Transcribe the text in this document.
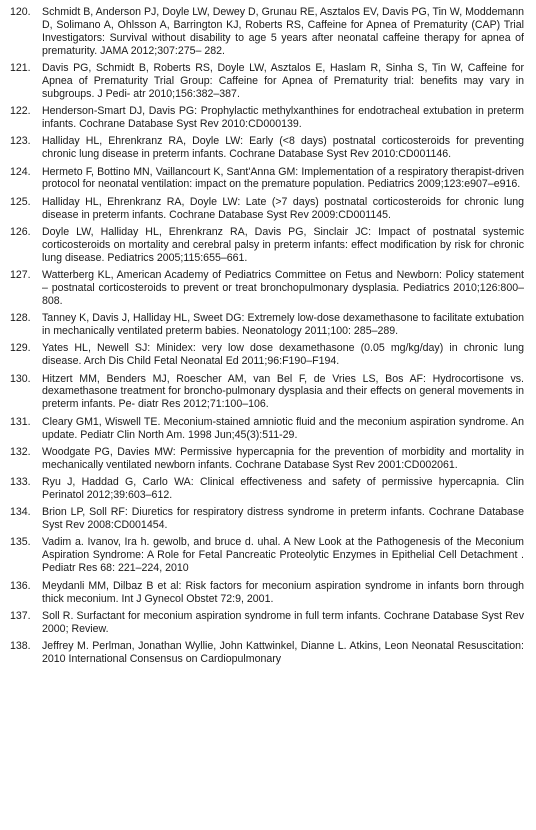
120.	Schmidt B, Anderson PJ, Doyle LW, Dewey D, Grunau RE, Asztalos EV, Davis PG, Tin W, Moddemann D, Solimano A, Ohlsson A, Barrington KJ, Roberts RS, Caffeine for Apnea of Prematurity (CAP) Trial Investigators: Survival without disability to age 5 years after neonatal caffeine therapy for apnea of prematurity. JAMA 2012;307:275– 282.
121.	Davis PG, Schmidt B, Roberts RS, Doyle LW, Asztalos E, Haslam R, Sinha S, Tin W, Caffeine for Apnea of Prematurity Trial Group: Caffeine for Apnea of Prematurity trial: benefits may vary in subgroups. J Pedi- atr 2010;156:382–387.
122.	Henderson-Smart DJ, Davis PG: Prophylactic methylxanthines for endotracheal extubation in preterm infants. Cochrane Database Syst Rev 2010:CD000139.
123.	Halliday HL, Ehrenkranz RA, Doyle LW: Early (<8 days) postnatal corticosteroids for preventing chronic lung disease in preterm infants. Cochrane Database Syst Rev 2010:CD001146.
124.	Hermeto F, Bottino MN, Vaillancourt K, Sant'Anna GM: Implementation of a respiratory therapist-driven protocol for neonatal ventilation: impact on the premature population. Pediatrics 2009;123:e907–e916.
125.	Halliday HL, Ehrenkranz RA, Doyle LW: Late (>7 days) postnatal corticosteroids for chronic lung disease in preterm infants. Cochrane Database Syst Rev 2009:CD001145.
126.	Doyle LW, Halliday HL, Ehrenkranz RA, Davis PG, Sinclair JC: Impact of postnatal systemic corticosteroids on mortality and cerebral palsy in preterm infants: effect modification by risk for chronic lung disease. Pediatrics 2005;115:655–661.
127.	Watterberg KL, American Academy of Pediatrics Committee on Fetus and Newborn: Policy statement – postnatal corticosteroids to prevent or treat bronchopulmonary dysplasia. Pediatrics 2010;126:800–808.
128.	Tanney K, Davis J, Halliday HL, Sweet DG: Extremely low-dose dexamethasone to facilitate extubation in mechanically ventilated preterm babies. Neonatology 2011;100: 285–289.
129.	Yates HL, Newell SJ: Minidex: very low dose dexamethasone (0.05 mg/kg/day) in chronic lung disease. Arch Dis Child Fetal Neonatal Ed 2011;96:F190–F194.
130.	Hitzert MM, Benders MJ, Roescher AM, van Bel F, de Vries LS, Bos AF: Hydrocortisone vs. dexamethasone treatment for broncho-pulmonary dysplasia and their effects on general movements in preterm infants. Pe- diatr Res 2012;71:100–106.
131.	Cleary GM1, Wiswell TE. Meconium-stained amniotic fluid and the meconium aspiration syndrome. An update. Pediatr Clin North Am. 1998 Jun;45(3):511-29.
132.	Woodgate PG, Davies MW: Permissive hypercapnia for the prevention of morbidity and mortality in mechanically ventilated newborn infants. Cochrane Database Syst Rev 2001:CD002061.
133.	Ryu J, Haddad G, Carlo WA: Clinical effectiveness and safety of permissive hypercapnia. Clin Perinatol 2012;39:603–612.
134.	Brion LP, Soll RF: Diuretics for respiratory distress syndrome in preterm infants. Cochrane Database Syst Rev 2008:CD001454.
135.	Vadim a. Ivanov, Ira h. gewolb, and bruce d. uhal. A New Look at the Pathogenesis of the Meconium Aspiration Syndrome: A Role for Fetal Pancreatic Proteolytic Enzymes in Epithelial Cell Detachment . Pediatr Res 68: 221–224, 2010
136.	Meydanli MM, Dilbaz B et al: Risk factors for meconium aspiration syndrome in infants born through thick meconium. Int J Gynecol Obstet 72:9, 2001.
137.	Soll R. Surfactant for meconium aspiration syndrome in full term infants. Cochrane Database Syst Rev 2000; Review.
138.	Jeffrey M. Perlman, Jonathan Wyllie, John Kattwinkel, Dianne L. Atkins, Leon Neonatal Resuscitation: 2010 International Consensus on Cardiopulmonary
